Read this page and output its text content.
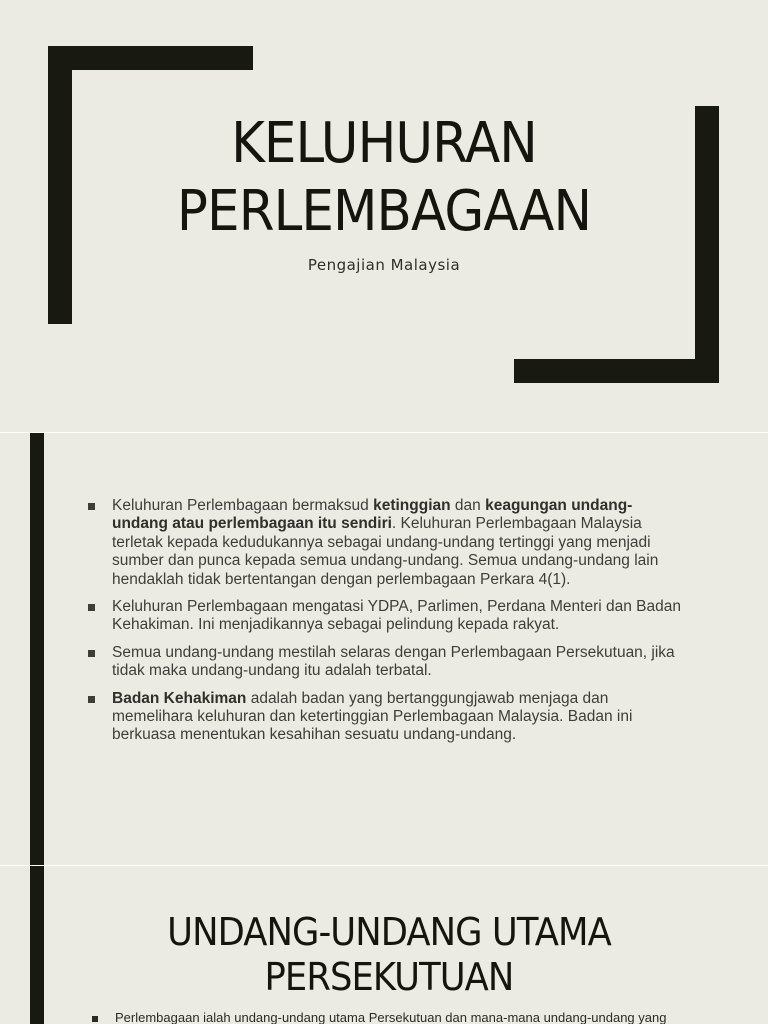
KELUHURAN
PERLEMBAGAAN
Pengajian Malaysia
Keluhuran Perlembagaan bermaksud ketinggian dan keagungan undang-undang atau perlembagaan itu sendiri. Keluhuran Perlembagaan Malaysia terletak kepada kedudukannya sebagai undang-undang tertinggi yang menjadi sumber dan punca kepada semua undang-undang. Semua undang-undang lain hendaklah tidak bertentangan dengan perlembagaan Perkara 4(1).
Keluhuran Perlembagaan mengatasi YDPA, Parlimen, Perdana Menteri dan Badan Kehakiman. Ini menjadikannya sebagai pelindung kepada rakyat.
Semua undang-undang mestilah selaras dengan Perlembagaan Persekutuan, jika tidak maka undang-undang itu adalah terbatal.
Badan Kehakiman adalah badan yang bertanggungjawab menjaga dan memelihara keluhuran dan ketertinggian Perlembagaan Malaysia. Badan ini berkuasa menentukan kesahihan sesuatu undang-undang.
UNDANG-UNDANG UTAMA
PERSEKUTUAN
Perlembagaan ialah undang-undang utama Persekutuan dan mana-mana undang-undang yang
